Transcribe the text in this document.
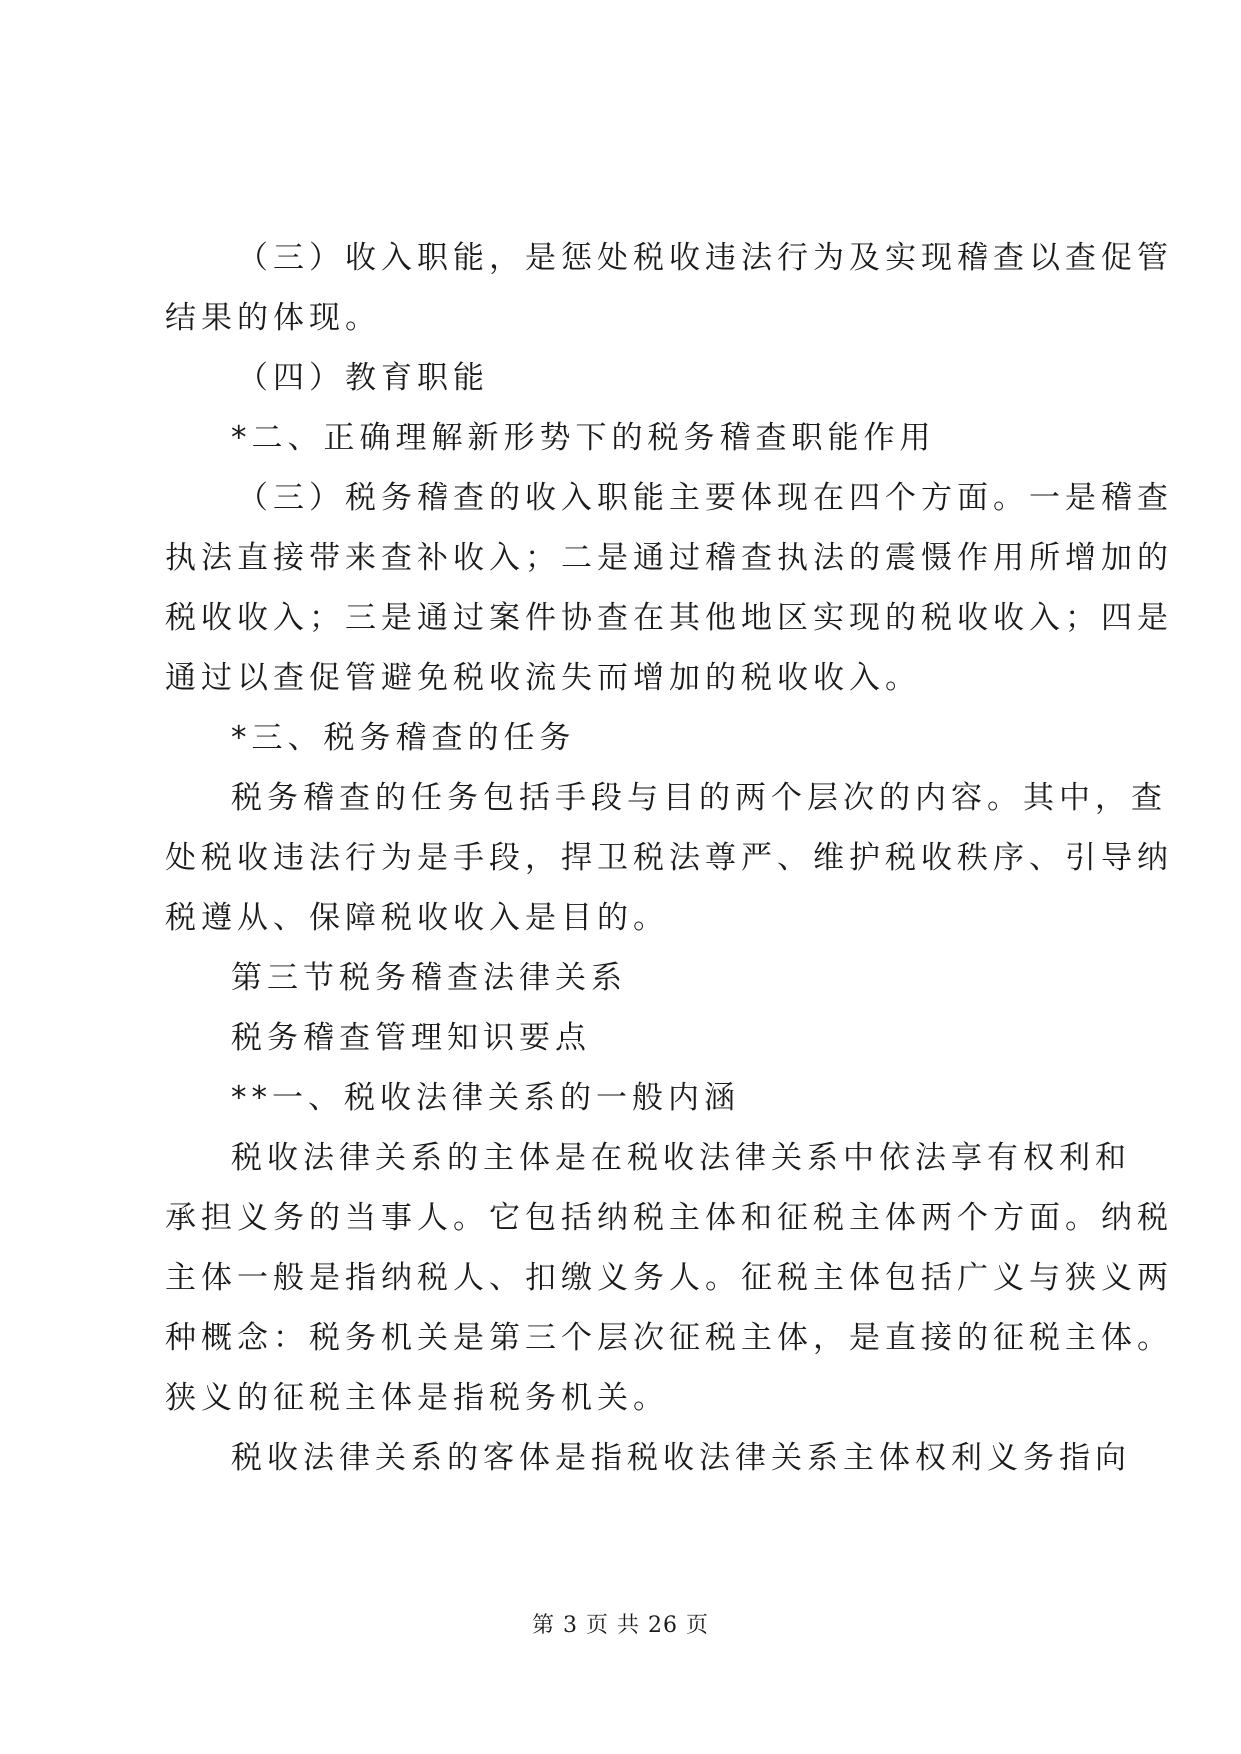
（三）收入职能，是惩处税收违法行为及实现稽查以查促管
结果的体现。
（四）教育职能
*二、正确理解新形势下的税务稽查职能作用
（三）税务稽查的收入职能主要体现在四个方面。一是稽查
执法直接带来查补收入；二是通过稽查执法的震慑作用所增加的
税收收入；三是通过案件协查在其他地区实现的税收收入；四是
通过以查促管避免税收流失而增加的税收收入。
*三、税务稽查的任务
税务稽查的任务包括手段与目的两个层次的内容。其中，查
处税收违法行为是手段，捍卫税法尊严、维护税收秩序、引导纳
税遵从、保障税收收入是目的。
第三节税务稽查法律关系
税务稽查管理知识要点
**一、税收法律关系的一般内涵
税收法律关系的主体是在税收法律关系中依法享有权利和
承担义务的当事人。它包括纳税主体和征税主体两个方面。纳税
主体一般是指纳税人、扣缴义务人。征税主体包括广义与狭义两
种概念：税务机关是第三个层次征税主体，是直接的征税主体。
狭义的征税主体是指税务机关。
税收法律关系的客体是指税收法律关系主体权利义务指向
第 3 页 共 26 页
